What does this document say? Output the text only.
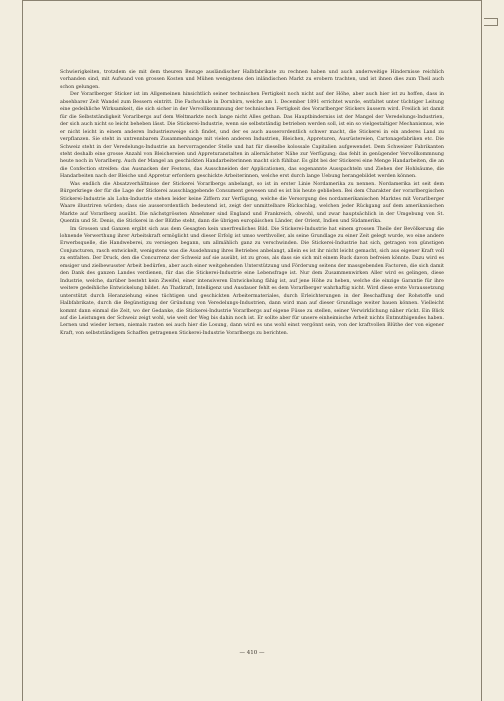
Schwierigkeiten, trotzdem sie mit dem theuren Bezuge ausländischer Halbfabrikate zu rechnen haben und auch anderweitige Hindernisse reichlich vorhanden sind, mit Aufwand von grossen Kosten und Mühen wenigstens den inländischen Markt zu erobern trachten, und ist ihnen dies zum Theil auch schon gelungen.

Der Vorarlberger Sticker ist im Allgemeinen hinsichtlich seiner technischen Fertigkeit noch nicht auf der Höhe, aber auch hier ist zu hoffen, dass in absehbarer Zeit Wandel zum Bessern eintritt. Die Fachschule in Dornbirn, welche am 1. December 1891 errichtet wurde, entfaltet unter tüchtiger Leitung eine gedeihliche Wirksamkeit, die sich sicher in der Vervollkommnung der technischen Fertigkeit des Vorarlberger Stickers äussern wird. Freilich ist damit für die Selbstständigkeit Vorarlbergs auf dem Weltmarkte noch lange nicht Alles gethan. Das Hauptbinderniss ist der Mangel der Veredelungs-Industrien, der sich auch nicht so leicht beheben lässt. Die Stickerei-Industrie, wenn sie selbstständig betrieben werden soll, ist ein so vielgestaltiger Mechanismus, wie er nicht leicht in einem anderen Industriezweige sich findet, und der es auch ausserordentlich schwer macht, die Stickerei in ein anderes Land zu verpflanzen. Sie steht in untrennbarem Zusammenhange mit vielen anderen Industrien, Bleichen, Appreturen, Ausrüstereien, Cartonagefabriken etc. Die Schweiz steht in der Veredelungs-Industrie an hervorragender Stelle und hat für dieselbe kolossale Capitalien aufgewendet. Dem Schweizer Fabrikanten steht deshalb eine grosse Anzahl von Bleichereien und Appreturanstalten in allernächster Nähe zur Verfügung; das fehlt in genügender Vervollkommnung heute noch in Vorarlberg. Auch der Mangel an geschickten Handarbeiterinnen macht sich fühlbar. Es gibt bei der Stickerei eine Menge Handarbeiten, die an die Confection streifen: das Ausnacken der Festons, das Ausschneiden der Applicationen, das sogenannte Ausspachteln und Ziehen der Hohlsäume, die Handarbeiten nach der Bleiche und Appretur erfordern geschickte Arbeiterinnen, welche erst durch lange Uebung herangebildet werden können.

Was endlich die Absatzverhältnisse der Stickerei Vorarlbergs anbelangt, so ist in erster Linie Nordamerika zu nennen. Nordamerika ist seit dem Bürgerkriege der für die Lage der Stickerei ausschlaggebende Consument gewesen und es ist bis heute geblieben. Bei dem Charakter der vorarlbergischen Stickerei-Industrie als Lohn-Industrie stehen leider keine Ziffern zur Verfügung, welche die Versorgung des nordamerikanischen Marktes mit Vorarlberger Waare illustriren würden; dass sie ausserordentlich bedeutend ist, zeigt der unmittelbare Rückschlag, welchen jeder Rückgang auf dem amerikanischen Markte auf Vorarlberg ausübt. Die nächstgrössten Abnehmer sind England und Frankreich, obwohl, und zwar hauptsächlich in der Umgebung von St. Quentin und St. Denis, die Stickerei in der Blüthe steht, dann die übrigen europäischen Länder, der Orient, Indien und Südamerika.

Im Grossen und Ganzen ergibt sich aus dem Gesagten kein unerfreuliches Bild. Die Stickerei-Industrie hat einem grossen Theile der Bevölkerung die lohnende Verwerthung ihrer Arbeitskraft ermöglicht und dieser Erfolg ist umso werthvoller, als seine Grundlage zu einer Zeit gelegt wurde, wo eine andere Erwerbsquelle, die Handweberei, zu versiegen begann, um allmählich ganz zu verschwinden. Die Stickerei-Industrie hat sich, getragen von günstigen Conjuncturen, rasch entwickelt, wenigstens was die Ausdehnung ihres Betriebes anbelangt, allein es ist ihr nicht leicht gemacht, sich aus eigener Kraft voll zu entfalten. Der Druck, den die Concurrenz der Schweiz auf sie ausübt, ist zu gross, als dass sie sich mit einem Ruck davon befreien könnte. Dazu wird es emsiger und zielbewusster Arbeit bedürfen, aber auch einer weitgehenden Unterstützung und Förderung seitens der massgebenden Factoren, die sich damit den Dank des ganzen Landes verdienen, für das die Stickerei-Industrie eine Lebensfrage ist. Nur dem Zusammenwirken Aller wird es gelingen, diese Industrie, welche, darüber besteht kein Zweifel, einer intensiveren Entwickelung fähig ist, auf jene Höhe zu heben, welche die einzige Garantie für ihre weitere gedeihliche Entwickelung bildet. An Thatkraft, Intelligenz und Ausdauer fehlt es dem Vorarlberger wahrhaftig nicht. Wird diese erste Voraussetzung unterstützt durch Heranziehung eines tüchtigen und geschickten Arbeitermateriales, durch Erleichterungen in der Beschaffung der Rohstoffe und Halbfabrikate, durch die Begünstigung der Gründung von Veredelungs-Industrien, dann wird man auf dieser Grundlage weiter bauen können. Vielleicht kommt dann einmal die Zeit, wo der Gedanke, die Stickerei-Industrie Vorarlbergs auf eigene Füsse zu stellen, seiner Verwirklichung näher rückt. Ein Blick auf die Leistungen der Schweiz zeigt wohl, wie weit der Weg bis dahin noch ist. Er sollte aber für unsere einheimische Arbeit nichts Entmuthigendes haben. Lernen und wieder lernen, niemals rasten sei auch hier die Losung, dann wird es uns wohl einst vergönnt sein, von der kraftvollen Blüthe der von eigener Kraft, von selbstständigem Schaffen getragenen Stickerei-Industrie Vorarlbergs zu berichten.

— 410 —
